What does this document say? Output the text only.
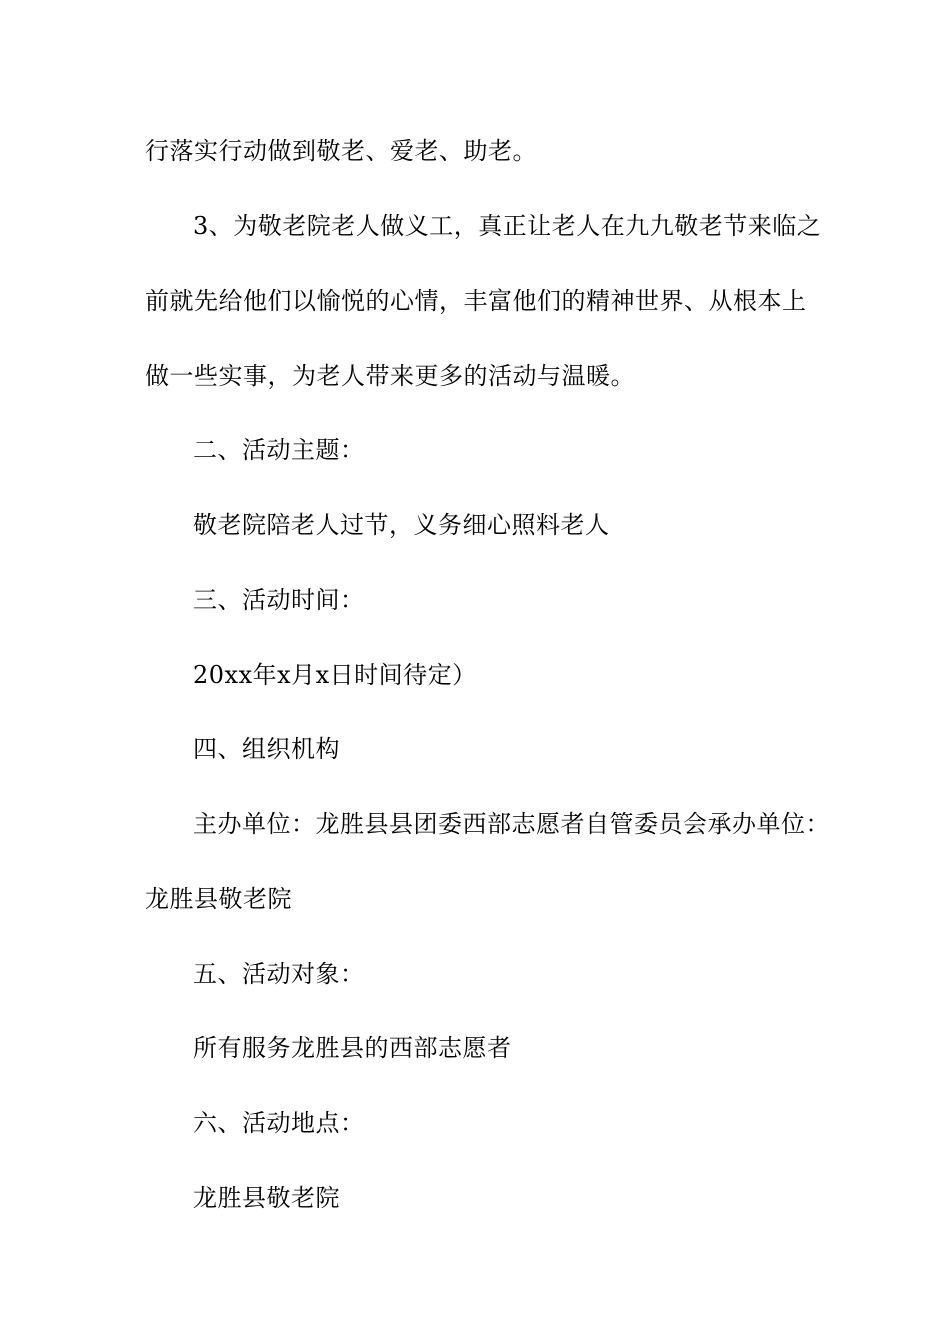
行落实行动做到敬老、爱老、助老。
3、为敬老院老人做义工，真正让老人在九九敬老节来临之
前就先给他们以愉悦的心情，丰富他们的精神世界、从根本上
做一些实事，为老人带来更多的活动与温暖。
二、活动主题：
敬老院陪老人过节，义务细心照料老人
三、活动时间：
20xx年x月x日时间待定）
四、组织机构
主办单位：龙胜县县团委西部志愿者自管委员会承办单位：
龙胜县敬老院
五、活动对象：
所有服务龙胜县的西部志愿者
六、活动地点：
龙胜县敬老院
